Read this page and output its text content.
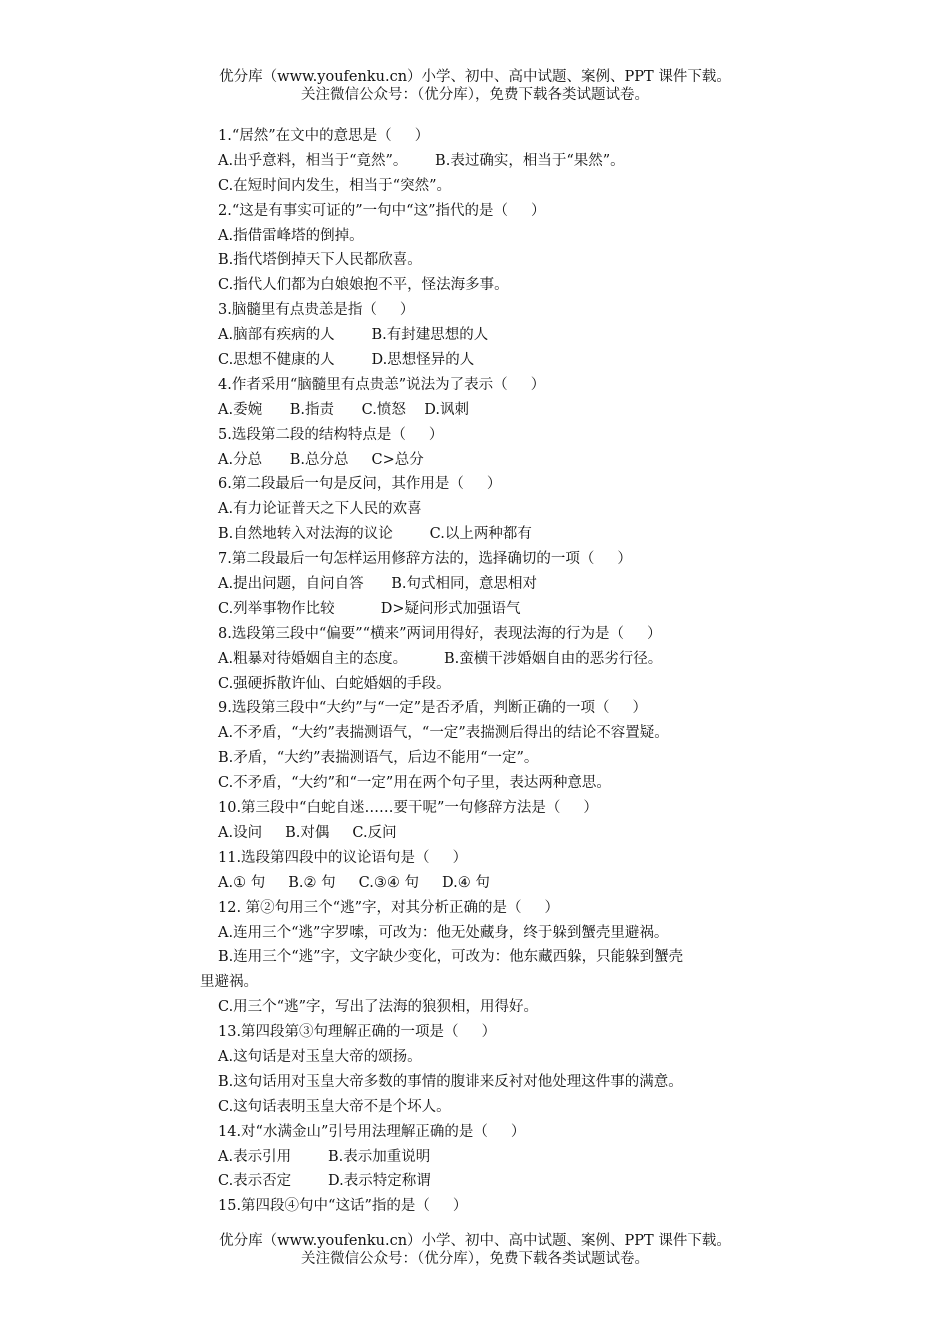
优分库（www.youfenku.cn）小学、初中、高中试题、案例、PPT 课件下载。
关注微信公众号：（优分库），免费下载各类试题试卷。
1.“居然”在文中的意思是（     ）
A.出乎意料，相当于“竟然”。      B.表过确实，相当于“果然”。
C.在短时间内发生，相当于“突然”。
2.“这是有事实可证的”一句中“这”指代的是（     ）
A.指借雷峰塔的倒掉。
B.指代塔倒掉天下人民都欣喜。
C.指代人们都为白娘娘抱不平，怪法海多事。
3.脑髓里有点贵恙是指（     ）
A.脑部有疾病的人        B.有封建思想的人
C.思想不健康的人        D.思想怪异的人
4.作者采用“脑髓里有点贵恙”说法为了表示（     ）
A.委婉      B.指责      C.愤怒    D.讽刺
5.选段第二段的结构特点是（     ）
A.分总      B.总分总     C>总分
6.第二段最后一句是反问，其作用是（     ）
A.有力论证普天之下人民的欢喜
B.自然地转入对法海的议论        C.以上两种都有
7.第二段最后一句怎样运用修辞方法的，选择确切的一项（     ）
A.提出问题，自问自答      B.句式相同，意思相对
C.列举事物作比较          D>疑问形式加强语气
8.选段第三段中“偏要”“横来”两词用得好，表现法海的行为是（     ）
A.粗暴对待婚姻自主的态度。        B.蛮横干涉婚姻自由的恶劣行径。
C.强硬拆散许仙、白蛇婚姻的手段。
9.选段第三段中“大约”与“一定”是否矛盾，判断正确的一项（     ）
A.不矛盾，“大约”表揣测语气，“一定”表揣测后得出的结论不容置疑。
B.矛盾，“大约”表揣测语气，后边不能用“一定”。
C.不矛盾，“大约”和“一定”用在两个句子里，表达两种意思。
10.第三段中“白蛇自迷……要干呢”一句修辞方法是（     ）
A.设问     B.对偶     C.反问
11.选段第四段中的议论语句是（     ）
A.① 句     B.② 句     C.③④ 句     D.④ 句
12. 第②句用三个“逃”字，对其分析正确的是（     ）
A.连用三个“逃”字罗嗦，可改为：他无处藏身，终于躲到蟹壳里避祸。
B.连用三个“逃”字，文字缺少变化，可改为：他东藏西躲，只能躲到蟹壳
里避祸。
C.用三个“逃”字，写出了法海的狼狈相，用得好。
13.第四段第③句理解正确的一项是（     ）
A.这句话是对玉皇大帝的颂扬。
B.这句话用对玉皇大帝多数的事情的腹诽来反衬对他处理这件事的满意。
C.这句话表明玉皇大帝不是个坏人。
14.对“水满金山”引号用法理解正确的是（     ）
A.表示引用        B.表示加重说明
C.表示否定        D.表示特定称谓
15.第四段④句中“这话”指的是（     ）
优分库（www.youfenku.cn）小学、初中、高中试题、案例、PPT 课件下载。
关注微信公众号：（优分库），免费下载各类试题试卷。
